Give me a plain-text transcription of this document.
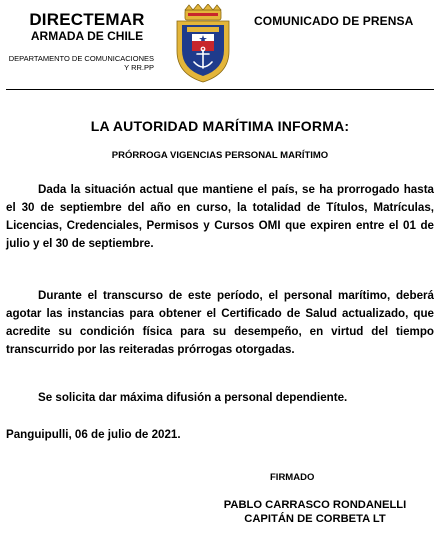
DIRECTEMAR
ARMADA DE CHILE
DEPARTAMENTO DE COMUNICACIONES
Y RR.PP
COMUNICADO DE PRENSA
LA AUTORIDAD MARÍTIMA INFORMA:
PRÓRROGA VIGENCIAS PERSONAL MARÍTIMO

Dada la situación actual que mantiene el país, se ha prorrogado hasta el 30 de septiembre del año en curso, la totalidad de Títulos, Matrículas, Licencias, Credenciales, Permisos y Cursos OMI que expiren entre el 01 de julio y el 30 de septiembre.

Durante el transcurso de este período, el personal marítimo, deberá agotar las instancias para obtener el Certificado de Salud actualizado, que acredite su condición física para su desempeño, en virtud del tiempo transcurrido por las reiteradas prórrogas otorgadas.

Se solicita dar máxima difusión a personal dependiente.

Panguipulli, 06 de julio de 2021.
FIRMADO
PABLO CARRASCO RONDANELLI
CAPITÁN DE CORBETA LT
